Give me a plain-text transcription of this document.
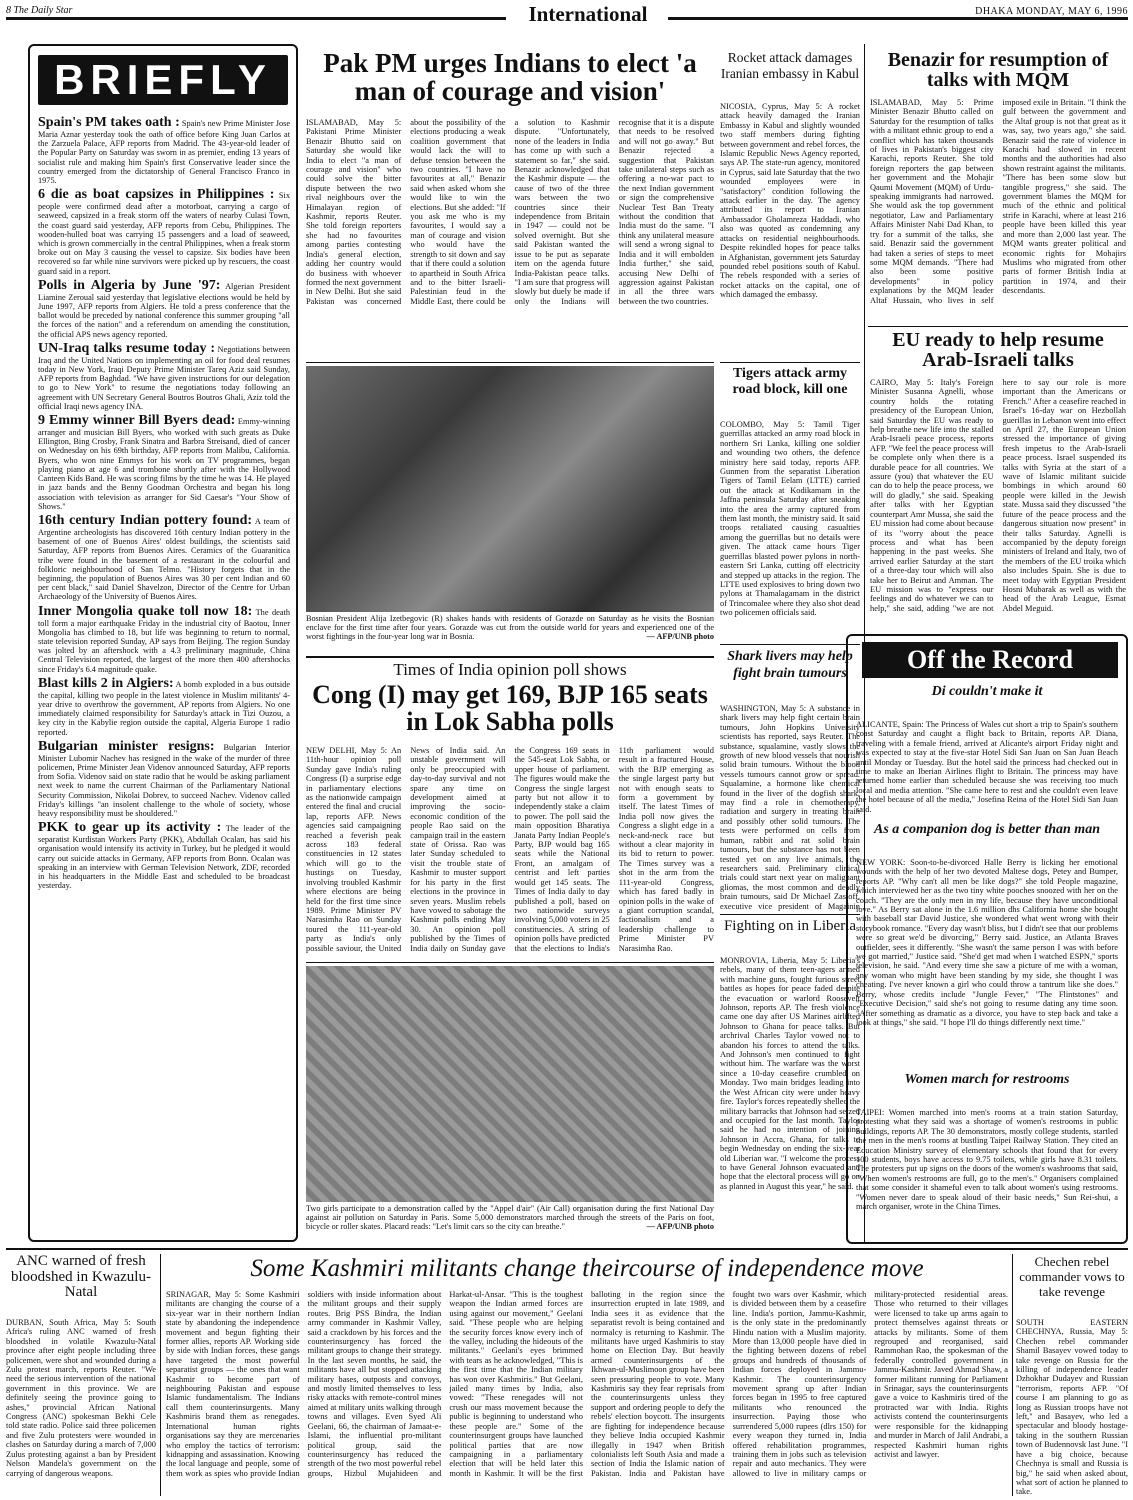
8 The Daily Star	International	DHAKA MONDAY, MAY 6, 1996
BRIEFLY
Spain's PM takes oath : Spain's new Prime Minister Jose Maria Aznar yesterday took the oath of office before King Juan Carlos at the Zarzuela Palace, AFP reports from Madrid. The 43-year-old leader of the Popular Party on Saturday was sworn in as premier, ending 13 years of socialist rule and making him Spain's first Conservative leader since the country emerged from the dictatorship of General Francisco Franco in 1975.
6 die as boat capsizes in Philippines : Six people were confirmed dead after a motorboat, carrying a cargo of seaweed, capsized in a freak storm off the waters of nearby Culasi Town, the coast guard said yesterday, AFP reports from Cebu, Philippines. The wooden-hulled boat was carrying 15 passengers and a load of seaweed, which is grown commercially in the central Philippines, when a freak storm broke out on May 3 causing the vessel to capsize. Six bodies have been recovered so far while nine survivors were picked up by rescuers, the coast guard said in a report.
Polls in Algeria by June '97: Algerian President Liamine Zeroual said yesterday that legislative elections would be held by June 1997, AFP reports from Algiers. He told a press conference that the ballot would be preceded by national conference this summer grouping "all the forces of the nation" and a referendum on amending the constitution, the official APS news agency reported.
UN-Iraq talks resume today : Negotiations between Iraq and the United Nations on implementing an oil for food deal resumes today in New York, Iraqi Deputy Prime Minister Tareq Aziz said Sunday, AFP reports from Baghdad. "We have given instructions for our delegation to go to New York" to resume the negotiations today following an agreement with UN Secretary General Boutros Boutros Ghali, Aziz told the official Iraqi news agency INA.
9 Emmy winner Bill Byers dead: Emmy-winning arranger and musician Bill Byers, who worked with such greats as Duke Ellington, Bing Crosby, Frank Sinatra and Barbra Streisand, died of cancer on Wednesday on his 69th birthday, AFP reports from Malibu, California. Byers, who won nine Emmys for his work on TV programmes, began playing piano at age 6 and trombone shortly after with the Hollywood Canteen Kids Band. He was scoring films by the time he was 14. He played in jazz bands and the Benny Goodman Orchestra and began his long association with television as arranger for Sid Caesar's "Your Show of Shows."
16th century Indian pottery found: A team of Argentine archeologists has discovered 16th century Indian pottery in the basement of one of Buenos Aires' oldest buildings, the scientists said Saturday, AFP reports from Buenos Aires. Ceramics of the Guaranitica tribe were found in the basement of a restaurant in the colourful and folkloric neighbourhood of San Telmo. "History forgets that in the beginning, the population of Buenos Aires was 30 per cent Indian and 60 per cent black," said Daniel Shavelzon, Director of the Centre for Urban Archaeology of the University of Buenos Aires.
Inner Mongolia quake toll now 18: The death toll form a major earthquake Friday in the industrial city of Baotou, Inner Mongolia has climbed to 18, but life was beginning to return to normal, state television reported Sunday, AP says from Beijing. The region Sunday was jolted by an aftershock with a 4.3 preliminary magnitude, China Central Television reported, the largest of the more then 400 aftershocks since Friday's 6.4 magnitude quake.
Blast kills 2 in Algiers: A bomb exploded in a bus outside the capital, killing two people in the latest violence in Muslim militants' 4-year drive to overthrow the government, AP reports from Algiers. No one immediately claimed responsibility for Saturday's attack in Tizi Ouzou, a key city in the Kabylie region outside the capital, Algeria Europe 1 radio reported.
Bulgarian minister resigns: Bulgarian Interior Minister Lubomir Nachev has resigned in the wake of the murder of three policemen, Prime Minister Jean Videnov announced Saturday, AFP reports from Sofia. Videnov said on state radio that he would be asking parliament next week to name the current Chairman of the Parliamentary National Security Commission, Nikolai Dobrev, to succeed Nachev. Videnov called Friday's killings "an insolent challenge to the whole of society, whose heavy responsibility must be shouldered."
PKK to gear up its activity : The leader of the separatist Kurdistan Workers Party (PKK), Abdullah Ocalan, has said his organisation would intensify its activity in Turkey, but he pledged it would carry out suicide attacks in Germany, AFP reports from Bonn. Ocalan was speaking in an interview with German Television Network, ZDF, recorded in his headquarters in the Middle East and scheduled to be broadcast yesterday.
Pak PM urges Indians to elect 'a man of courage and vision'
ISLAMABAD, May 5: Pakistani Prime Minister Benazir Bhutto said on Saturday she would like India to elect "a man of courage and vision" who could solve the bitter dispute between the two rival neighbours over the Himalayan region of Kashmir, reports Reuter. She told foreign reporters she had no favourites among parties contesting India's general election, adding her country would do business with whoever formed the next government in New Delhi. But she said Pakistan was concerned about the possibility of the elections producing a weak coalition government that would lack the will to defuse tension between the two countries. "I have no favourites at all," Benazir said when asked whom she would like to win the elections. But she added: "If you ask me who is my favourites, I would say a man of courage and vision who would have the strength to sit down and say that if there could a solution to apartheid in South Africa and to the bitter Israeli-Palestinian feud in the Middle East, there could be a solution to Kashmir dispute. "Unfortunately, none of the leaders in India has come up with such a statement so far," she said. Benazir acknowledged that the Kashmir dispute — the cause of two of the three wars between the two countries since their independence from Britain in 1947 — could not be solved overnight. But she said Pakistan wanted the issue to be put as separate item on the agenda future India-Pakistan peace talks. "I am sure that progress will slowly but duely be made if only the Indians will recognise that it is a dispute that needs to be resolved and will not go away." But Benazir rejected a suggestion that Pakistan take unilateral steps such as offering a no-war pact to the next Indian government or sign the comprehensive Nuclear Test Ban Treaty without the condition that India must do the same. "I think any unilateral measure will send a wrong signal to India and it will embolden India further," she said, accusing New Delhi of aggression against Pakistan in all the three wars between the two countries.
Bosnian President Alija Izetbegovic (R) shakes hands with residents of Gorazde on Saturday as he visits the Bosnian enclave for the first time after four years. Gorazde was cut from the outside world for years and experienced one of the worst fightings in the four-year long war in Bosnia.	— AFP/UNB photo
Times of India opinion poll shows
Cong (I) may get 169, BJP 165 seats in Lok Sabha polls
NEW DELHI, May 5: An 11th-hour opinion poll Sunday gave India's ruling Congress (I) a surprise edge in parliamentary elections as the nationwide campaign entered the final and crucial lap, reports AFP. News agencies said campaigning reached a feverish peak across 183 federal constituencies in 12 states which will go to the hustings on Tuesday, involving troubled Kashmir where elections are being held for the first time since 1989. Prime Minister PV Narasimha Rao on Sunday toured the 111-year-old party as India's only possible saviour, the United News of India said. An unstable government will only be preoccupied with day-to-day survival and not spare any time on development aimed at improving the socio-economic condition of the people Rao said on the campaign trail in the eastern state of Orissa. Rao was later Sunday scheduled to visit the trouble state of Kashmir to muster support for his party in the first elections in the province in seven years. Muslim rebels have vowed to sabotage the Kashmir polls ending May 30. An opinion poll published by the Times of India daily on Sunday gave the Congress 169 seats in the 545-seat Lok Sabha, or upper house of parliament. The figures would make the Congress the single largest party but not allow it to independently stake a claim to power. The poll said the main opposition Bharatiya Janata Party Indian People's Party, BJP would bag 165 seats while the National Front, an amalgam of centrist and left parties would get 145 seats. The Times of India daily to day published a poll, based on two nationwide surveys involving 5,000 voters in 25 constituencies. A string of opinion polls have predicted that the elections to India's 11th parliament would result in a fractured House, with the BJP emerging as the single largest party but not with enough seats to form a government by itself. The latest Times of India poll now gives the Congress a slight edge in a neck-and-neck race but without a clear majority in its bid to return to power. The Times survey was a shot in the arm from the 111-year-old Congress, which has fared badly in opinion polls in the wake of a giant corruption scandal, factionalism and a leadership challenge to Prime Minister PV Narasimha Rao.
Two girls participate to a demonstration called by the "Appel d'air" (Air Call) organisation during the first National Day against air pollution on Saturday in Paris. Some 5,000 demonstrators marched through the streets of the Paris on foot, bicycle or roller skates. Placard reads: "Let's limit cars so the city can breathe."	— AFP/UNB photo
Rocket attack damages Iranian embassy in Kabul
NICOSIA, Cyprus, May 5: A rocket attack heavily damaged the Iranian Embassy in Kabul and slightly wounded two staff members during fighting between government and rebel forces, the Islamic Republic News Agency reported, says AP. The state-run agency, monitored in Cyprus, said late Saturday that the two wounded employees were in "satisfactory" condition following the attack earlier in the day. The agency attributed its report to Iranian Ambassador Gholamreza Haddadi, who also was quoted as condemning any attacks on residential neighbourhoods. Despite rekindled hopes for peace talks in Afghanistan, government jets Saturday pounded rebel positions south of Kabul. The rebels responded with a series of rocket attacks on the capital, one of which damaged the embassy.
Tigers attack army road block, kill one
COLOMBO, May 5: Tamil Tiger guerrillas attacked an army road block in northern Sri Lanka, killing one soldier and wounding two others, the defence ministry here said today, reports AFP. Gunmen from the separatist Liberation Tigers of Tamil Eelam (LTTE) carried out the attack at Kodikamam in the Jaffna peninsula Saturday after sneaking into the area the army captured from them last month, the ministry said. It said troops retaliated causing casualties among the guerrillas but no details were given. The attack came hours Tiger guerrillas blasted power pylons in north-eastern Sri Lanka, cutting off electricity and stepped up attacks in the region. The LTTE used explosives to bring down two pylons at Thamalagamam in the district of Trincomalee where they also shot dead two policemen officials said.
Shark livers may help fight brain tumours
WASHINGTON, May 5: A substance in shark livers may help fight certain brain tumours, John Hopkins University scientists has reported, says Reuter. The substance, squalamine, vastly slows the growth of new blood vessels that nourish solid brain tumours. Without the blood vessels tumours cannot grow or spread. Squalamine, a hormone like chemical found in the liver of the dogfish shark, may find a role in chemotherapy, radiation and surgery in treating brain and possibly other solid tumours. The tests were performed on cells from human, rabbit and rat solid brain tumours, but the substance has not been tested yet on any live animals, the researchers said. Preliminary clinical trials could start next year on malignant gliomas, the most common and deadly brain tumours, said Dr Michael Zasloff, executive vice president of Magainin
Fighting on in Liberia
MONROVIA, Liberia, May 5: Liberia's rebels, many of them teen-agers armed with machine guns, fought furious street battles as hopes for peace faded despite the evacuation or warlord Roosevelt Johnson, reports AP. The fresh violence came one day after US Marines airlifted Johnson to Ghana for peace talks. But archrival Charles Taylor vowed not to abandon his forces to attend the talks. And Johnson's men continued to fight without him. The warfare was the worst since a 10-day ceasefire crumbled on Monday. Two main bridges leading into the West African city were under heavy fire. Taylor's forces repeatedly shelled the military barracks that Johnson had seized and occupied for the last month. Taylor said he had no intention of joining Johnson in Accra, Ghana, for talks to begin Wednesday on ending the six-year old Liberian war. "I welcome the process to have General Johnson evacuated and hope that the electoral process will go on as planned in August this year," he said.
Benazir for resumption of talks with MQM
ISLAMABAD, May 5: Prime Minister Benazir Bhutto called on Saturday for the resumption of talks with a militant ethnic group to end a conflict which has taken thousands of lives in Pakistan's biggest city Karachi, reports Reuter. She told foreign reporters the gap between her government and the Mohajir Qaumi Movement (MQM) of Urdu-speaking immigrants had narrowed. She would ask the top government negotiator, Law and Parliamentary Affairs Minister Nabi Dad Khan, to try for a summit of the talks, she said. Benazir said the government had taken a series of steps to meet some MQM demands. "There had also been some positive developments" in policy explanations by the MQM leader Altaf Hussain, who lives in self imposed exile in Britain. "I think the gulf between the government and the Altaf group is not that great as it was, say, two years ago," she said. Benazir said the rate of violence in Karachi had slowed in recent months and the authorities had also shown restraint against the militants. "There has been some slow but tangible progress," she said. The government blames the MQM for much of the ethnic and political strife in Karachi, where at least 216 people have been killed this year and more than 2,000 last year. The MQM wants greater political and economic rights for Mohajirs Muslims who migrated from other parts of former British India at partition in 1974, and their descendants.
EU ready to help resume Arab-Israeli talks
CAIRO, May 5: Italy's Foreign Minister Susanna Agnelli, whose country holds the rotating presidency of the European Union, said Saturday the EU was ready to help breathe new life into the stalled Arab-Israeli peace process, reports AFP. "We feel the peace process will be complete only when there is a durable peace for all countries. We assure (you) that whatever the EU can do to help the peace process, we will do gladly," she said. Speaking after talks with her Egyptian counterpart Amr Mussa, she said the EU mission had come about because of its "worry about the peace process and what has been happening in the past weeks. She arrived earlier Saturday at the start of a three-day tour which will also take her to Beirut and Amman. The EU mission was to "express our feelings and do whatever we can to help," she said, adding "we are not here to say our role is more important than the Americans or French." After a ceasefire reached in Israel's 16-day war on Hezbollah guerillas in Lebanon went into effect on April 27, the European Union stressed the importance of giving fresh impetus to the Arab-Israeli peace process. Israel suspended its talks with Syria at the start of a wave of Islamic militant suicide bombings in which around 60 people were killed in the Jewish state. Mussa said they discussed "the future of the peace process and the dangerous situation now present" in their talks Saturday. Agnelli is accompanied by the deputy foreign ministers of Ireland and Italy, two of the members of the EU troika which also includes Spain. She is due to meet today with Egyptian President Hosni Mubarak as well as with the head of the Arab League, Esmat Abdel Meguid.
Off the Record
Di couldn't make it
ALICANTE, Spain: The Princess of Wales cut short a trip to Spain's southern coast Saturday and caught a flight back to Britain, reports AP. Diana, traveling with a female friend, arrived at Alicante's airport Friday night and was expected to stay at the five-star Hotel Sidi San Juan on San Juan Beach until Monday or Tuesday. But the hotel said the princess had checked out in time to make an Iberian Airlines flight to Britain. The princess may have returned home earlier than scheduled because she was receiving too much local and media attention. "She came here to rest and she couldn't even leave the hotel because of all the media," Josefina Reina of the Hotel Sidi San Juan said.
As a companion dog is better than man
NEW YORK: Soon-to-be-divorced Halle Berry is licking her emotional wounds with the help of her two devoted Maltese dogs, Petey and Bumper, reports AP. "Why can't all men be like dogs?" she told People magazine, which interviewed her as the two tiny white pooches snoozed with her on the couch. "They are the only men in my life, because they have unconditional love." As Berry sat alone in the 1.6 million dhs California home she bought with baseball star David Justice, she wondered what went wrong with their storybook romance. "Every day wasn't bliss, but I didn't see that our problems were so great we'd be divorcing," Berry said. Justice, an Atlanta Braves outfielder, sees it differently. "She wasn't the same person I was with before we got married," Justice said. "She'd get mad when I watched ESPN," sports television, he said. "And every time she saw a picture of me with a woman, any woman who might have been standing by my side, she thought I was cheating. I've never known a girl who could throw a tantrum like she does." Berry, whose credits include "Jungle Fever," "The Flintstones" and "Executive Decision," said she's not going to resume dating any time soon. "After something as dramatic as a divorce, you have to step back and take a look at things," she said. "I hope I'll do things differently next time."
Women march for restrooms
TAIPEI: Women marched into men's rooms at a train station Saturday, protesting what they said was a shortage of women's restrooms in public buildings, reports AP. The 30 demonstrators, mostly college students, startled the men in the men's rooms at bustling Taipei Railway Station. They cited an Education Ministry survey of elementary schools that found that for every 100 students, boys have access to 9.75 toilets, while girls have 8.31 toilets. The protesters put up signs on the doors of the women's washrooms that said, "When women's restrooms are full, go to the men's." Organisers complained that some consider it shameful even to talk about women's using restrooms. "Women never dare to speak aloud of their basic needs," Sun Rei-shui, a march organiser, wrote in the China Times.
ANC warned of fresh bloodshed in Kwazulu-Natal
DURBAN, South Africa, May 5: South Africa's ruling ANC warned of fresh bloodshed in volatile Kwazulu-Natal province after eight people including three policemen, were shot and wounded during a Zulu protest march, reports Reuter. "We need the serious intervention of the national government in this province. We are definitely seeing the province going to ashes," provincial African National Congress (ANC) spokesman Bekhi Cele told state radio. Police said three policemen and five Zulu protesters were wounded in clashes on Saturday during a march of 7,000 Zulus protesting against a ban by President Nelson Mandela's government on the carrying of dangerous weapons.
Some Kashmiri militants change theircourse of independence move
SRINAGAR, May 5: Some Kashmiri militants are changing the course of a six-year war in their northern Indian state by abandoning the independence movement and begun fighting their former allies, reports AP. Working side by side with Indian forces, these gangs have targeted the most powerful separatist groups — the ones that want Kashmir to become part of neighbouring Pakistan and espouse Islamic fundamentalism. The Indians call them counterinsurgents. Many Kashmiris brand them as renegades. International human rights organisations say they are mercenaries who employ the tactics of terrorism: kidnapping and assassination. Knowing the local language and people, some of them work as spies who provide Indian soldiers with inside information about the militant groups and their supply routes. Brig PSS Bindra, the Indian army commander in Kashmir Valley, said a crackdown by his forces and the counterinsurgency has forced the militant groups to change their strategy. In the last seven months, he said, the militants have all but stopped attacking military bases, outposts and convoys, and mostly limited themselves to less risky attacks with remote-control mines aimed at military units walking through towns and villages. Even Syed Ali Geelani, 66, the chairman of Jamaat-e-Islami, the influential pro-militant political group, said the counterinsurgency has reduced the strength of the two most powerful rebel groups, Hizbul Mujahideen and Harkat-ul-Ansar. "This is the toughest weapon the Indian armed forces are using against our movement," Geelani said. "These people who are helping the security forces know every inch of the valley, including the hideouts of the militants." Geelani's eyes brimmed with tears as he acknowledged, "This is the first time that the Indian military has won over Kashmiris." But Geelani, jailed many times by India, also vowed: "These renegades will not crush our mass movement because the public is beginning to understand who these people are." Some of the counterinsurgent groups have launched political parties that are now campaigning in a parliamentary election that will be held later this month in Kashmir. It will be the first balloting in the region since the insurrection erupted in late 1989, and India sees it as evidence that the separatist revolt is being contained and normalcy is returning to Kashmir. The militants have urged Kashmiris to stay home on Election Day. But heavily armed counterinsurgents of the Ikhwan-ul-Muslimoon group have been seen pressuring people to vote. Many Kashmiris say they fear reprisals from the counterinsurgents unless they support and ordering people to defy the rebels' election boycott. The insurgents are fighting for independence because they believe India occupied Kashmir illegally in 1947 when British colonialists left South Asia and made a section of India the Islamic nation of Pakistan. India and Pakistan have fought two wars over Kashmir, which is divided between them by a ceasefire line. India's portion, Jammu-Kashmir, is the only state in the predominantly Hindu nation with a Muslim majority. More than 13,000 people have died in the fighting between dozens of rebel groups and hundreds of thousands of Indian forces deployed in Jammu-Kashmir. The counterinsurgency movement sprang up after Indian forces began in 1995 to free captured militants who renounced the insurrection. Paying those who surrendered 5,000 rupees (dlrs 150) for every weapon they turned in, India offered rehabilitation programmes, training them in jobs such as television repair and auto mechanics. They were allowed to live in military camps or military-protected residential areas. Those who returned to their villages were licensed to take up arms again to protect themselves against threats or attacks by militants. Some of them regrouped and reorganised, said Rammohan Rao, the spokesman of the federally controlled government in Jammu-Kashmir. Javed Ahmad Shaw, a former militant running for Parliament in Srinagar, says the counterinsurgents gave a voice to Kashmiris tired of the protracted war with India. Rights activists contend the counterinsurgents were responsible for the kidnapping and murder in March of Jalil Andrabi, a respected Kashmiri human rights activist and lawyer.
Chechen rebel commander vows to take revenge
SOUTH EASTERN CHECHNYA, Russia, May 5: Chechen rebel commander Shamil Basayev vowed today to take revenge on Russia for the killing of independence leader Dzhokhar Dudayev and Russian "terrorism, reports AFP. "Of course I am planning to go as long as Russian troops have not left," and Basayev, who led a spectacular and bloody hostage-taking in the southern Russian town of Budennovsk last June. "I have a big choice, because Chechnya is small and Russia is big," he said when asked about, what sort of action he planned to take.
